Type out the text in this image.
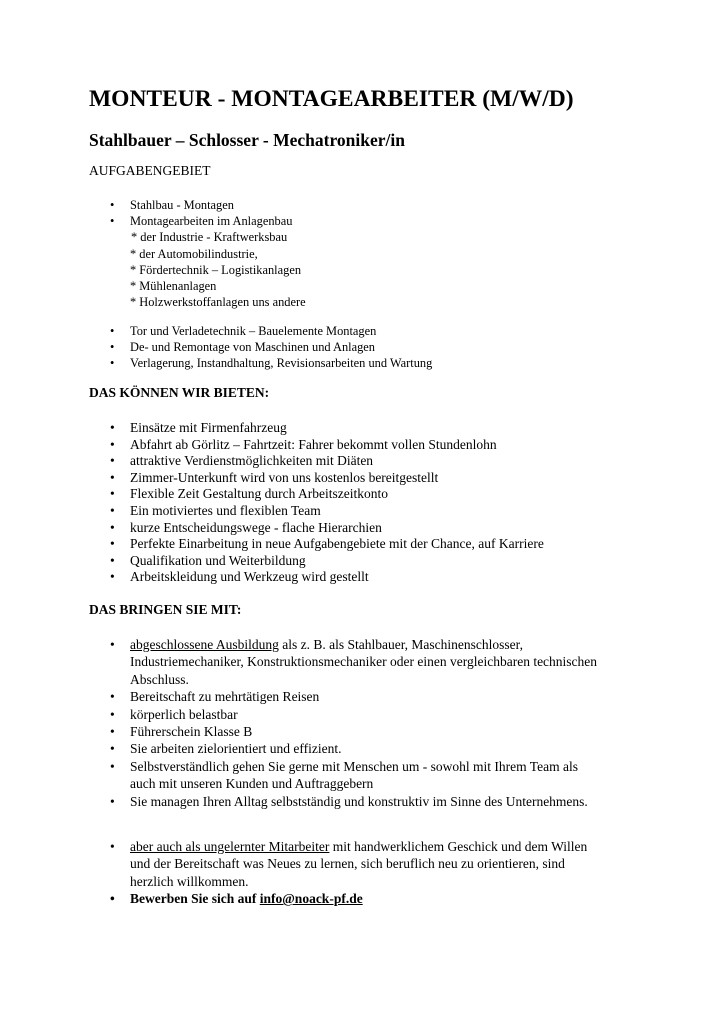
MONTEUR - MONTAGEARBEITER (M/W/D)
Stahlbauer – Schlosser - Mechatroniker/in
AUFGABENGEBIET
• Stahlbau - Montagen
• Montagearbeiten im Anlagenbau
* der Industrie - Kraftwerksbau
* der Automobilindustrie,
* Fördertechnik – Logistikanlagen
* Mühlenanlagen
* Holzwerkstoffanlagen uns andere
• Tor und Verladetechnik – Bauelemente Montagen
• De- und Remontage von Maschinen und Anlagen
• Verlagerung, Instandhaltung, Revisionsarbeiten und Wartung
DAS KÖNNEN WIR BIETEN:
• Einsätze mit Firmenfahrzeug
• Abfahrt ab Görlitz – Fahrtzeit: Fahrer bekommt vollen Stundenlohn
• attraktive Verdienstmöglichkeiten mit Diäten
• Zimmer-Unterkunft wird von uns kostenlos bereitgestellt
• Flexible Zeit Gestaltung durch Arbeitszeitkonto
• Ein motiviertes und flexiblen Team
• kurze Entscheidungswege - flache Hierarchien
• Perfekte Einarbeitung in neue Aufgabengebiete mit der Chance, auf Karriere
• Qualifikation und Weiterbildung
• Arbeitskleidung und Werkzeug wird gestellt
DAS BRINGEN SIE MIT:
• abgeschlossene Ausbildung als z. B. als Stahlbauer, Maschinenschlosser,
Industriemechaniker, Konstruktionsmechaniker oder einen vergleichbaren technischen
Abschluss.
• Bereitschaft zu mehrtätigen Reisen
• körperlich belastbar
• Führerschein Klasse B
• Sie arbeiten zielorientiert und effizient.
• Selbstverständlich gehen Sie gerne mit Menschen um - sowohl mit Ihrem Team als
auch mit unseren Kunden und Auftraggebern
• Sie managen Ihren Alltag selbstständig und konstruktiv im Sinne des Unternehmens.
• aber auch als ungelernter Mitarbeiter mit handwerklichem Geschick und dem Willen
und der Bereitschaft was Neues zu lernen, sich beruflich neu zu orientieren, sind
herzlich willkommen.
• Bewerben Sie sich auf info@noack-pf.de
